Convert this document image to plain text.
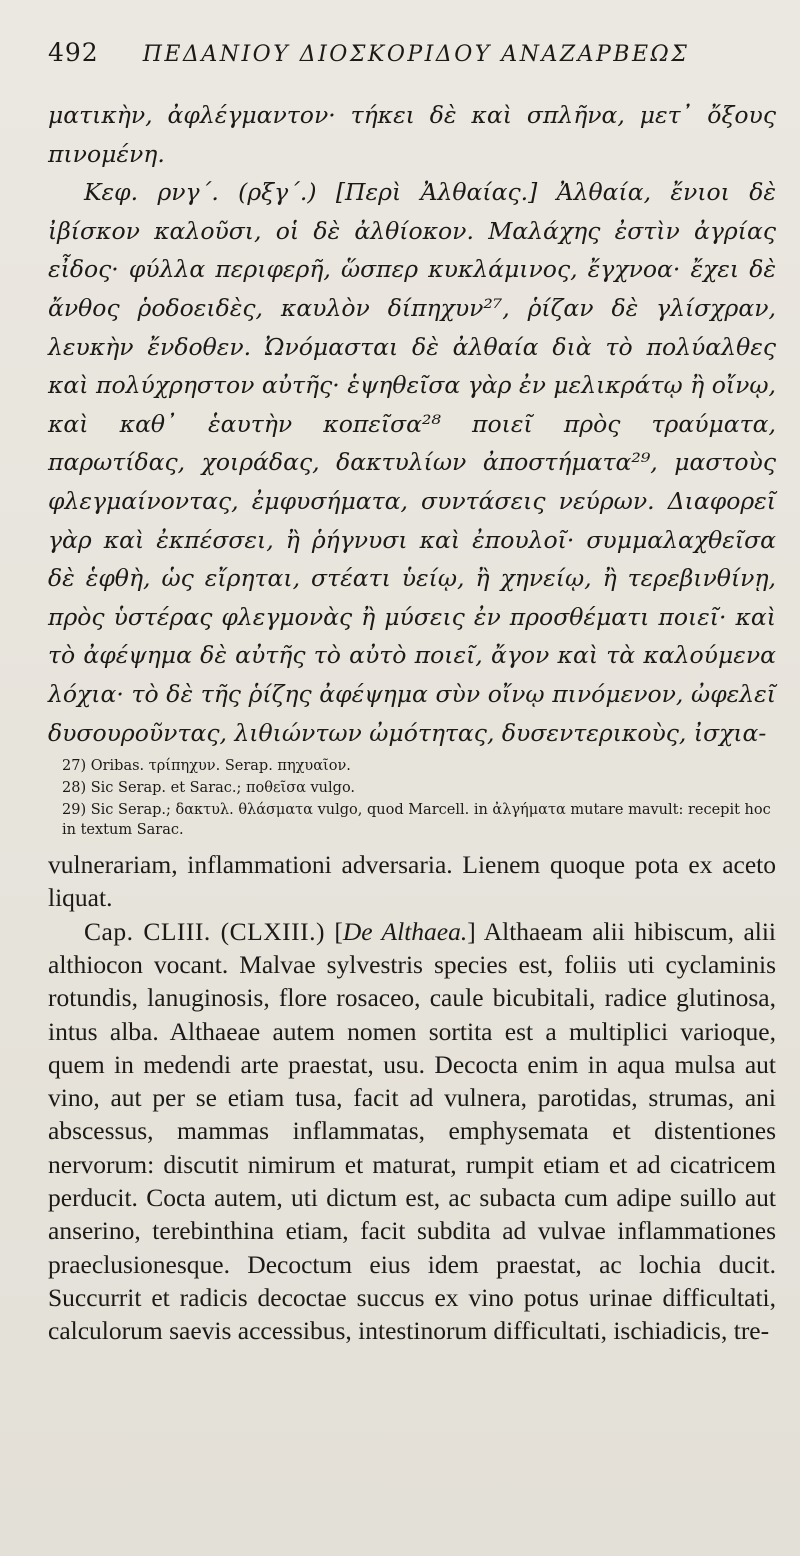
492 ΠΕΔΑΝΙΟΥ ΔΙΟΣΚΟΡΙΔΟΥ ΑΝΑΖΑΡΒΕΩΣ

ματικὴν, ἀφλέγμαντον· τήκει δὲ καὶ σπλῆνα, μετ᾿ ὄξους πινομένη.

Κεφ. ρνγ΄. (ρξγ΄.) [Περὶ Ἀλθαίας.] Ἀλθαία, ἔνιοι δὲ ἰβίσκον καλοῦσι, οἱ δὲ ἀλθίοκον. Μαλάχης ἐστὶν ἀγρίας εἶδος· φύλλα περιφερῆ, ὥσπερ κυκλάμινος, ἔγχνοα· ἔχει δὲ ἄνθος ῥοδοειδὲς, καυλὸν δίπηχυν²⁷, ῥίζαν δὲ γλίσχραν, λευκὴν ἔνδοθεν. Ὠνόμασται δὲ ἀλθαία διὰ τὸ πολύαλθες καὶ πολύχρηστον αὐτῆς· ἑψηθεῖσα γὰρ ἐν μελικράτῳ ἢ οἴνῳ, καὶ καθ᾿ ἑαυτὴν κοπεῖσα²⁸ ποιεῖ πρὸς τραύματα, παρωτίδας, χοιράδας, δακτυλίων ἀποστήματα²⁹, μαστοὺς φλεγμαίνοντας, ἐμφυσήματα, συντάσεις νεύρων. Διαφορεῖ γὰρ καὶ ἐκπέσσει, ἢ ῥήγνυσι καὶ ἐπουλοῖ· συμμαλαχθεῖσα δὲ ἑφθὴ, ὡς εἴρηται, στέατι ὑείῳ, ἢ χηνείῳ, ἢ τερεβινθίνῃ, πρὸς ὑστέρας φλεγμονὰς ἢ μύσεις ἐν προσθέματι ποιεῖ· καὶ τὸ ἀφέψημα δὲ αὐτῆς τὸ αὐτὸ ποιεῖ, ἄγον καὶ τὰ καλούμενα λόχια· τὸ δὲ τῆς ῥίζης ἀφέψημα σὺν οἴνῳ πινόμενον, ὠφελεῖ δυσουροῦντας, λιθιώντων ὠμότητας, δυσεντερικοὺς, ἰσχια-

27) Oribas. τρίπηχυν. Serap. πηχυαῖον.
28) Sic Serap. et Sarac.; ποθεῖσα vulgo.
29) Sic Serap.; δακτυλ. θλάσματα vulgo, quod Marcell. in ἀλγήματα mutare mavult: recepit hoc in textum Sarac.

vulnerariam, inflammationi adversaria. Lienem quoque pota ex aceto liquat.

Cap. CLIII. (CLXIII.) [De Althaea.] Althaeam alii hibiscum, alii althiocon vocant. Malvae sylvestris species est, foliis uti cyclaminis rotundis, lanuginosis, flore rosaceo, caule bicubitali, radice glutinosa, intus alba. Althaeae autem nomen sortita est a multiplici varioque, quem in medendi arte praestat, usu. Decocta enim in aqua mulsa aut vino, aut per se etiam tusa, facit ad vulnera, parotidas, strumas, ani abscessus, mammas inflammatas, emphysemata et distentiones nervorum: discutit nimirum et maturat, rumpit etiam et ad cicatricem perducit. Cocta autem, uti dictum est, ac subacta cum adipe suillo aut anserino, terebinthina etiam, facit subdita ad vulvae inflammationes praeclusionesque. Decoctum eius idem praestat, ac lochia ducit. Succurrit et radicis decoctae succus ex vino potus urinae difficultati, calculorum saevis accessibus, intestinorum difficultati, ischiadicis, tre-
